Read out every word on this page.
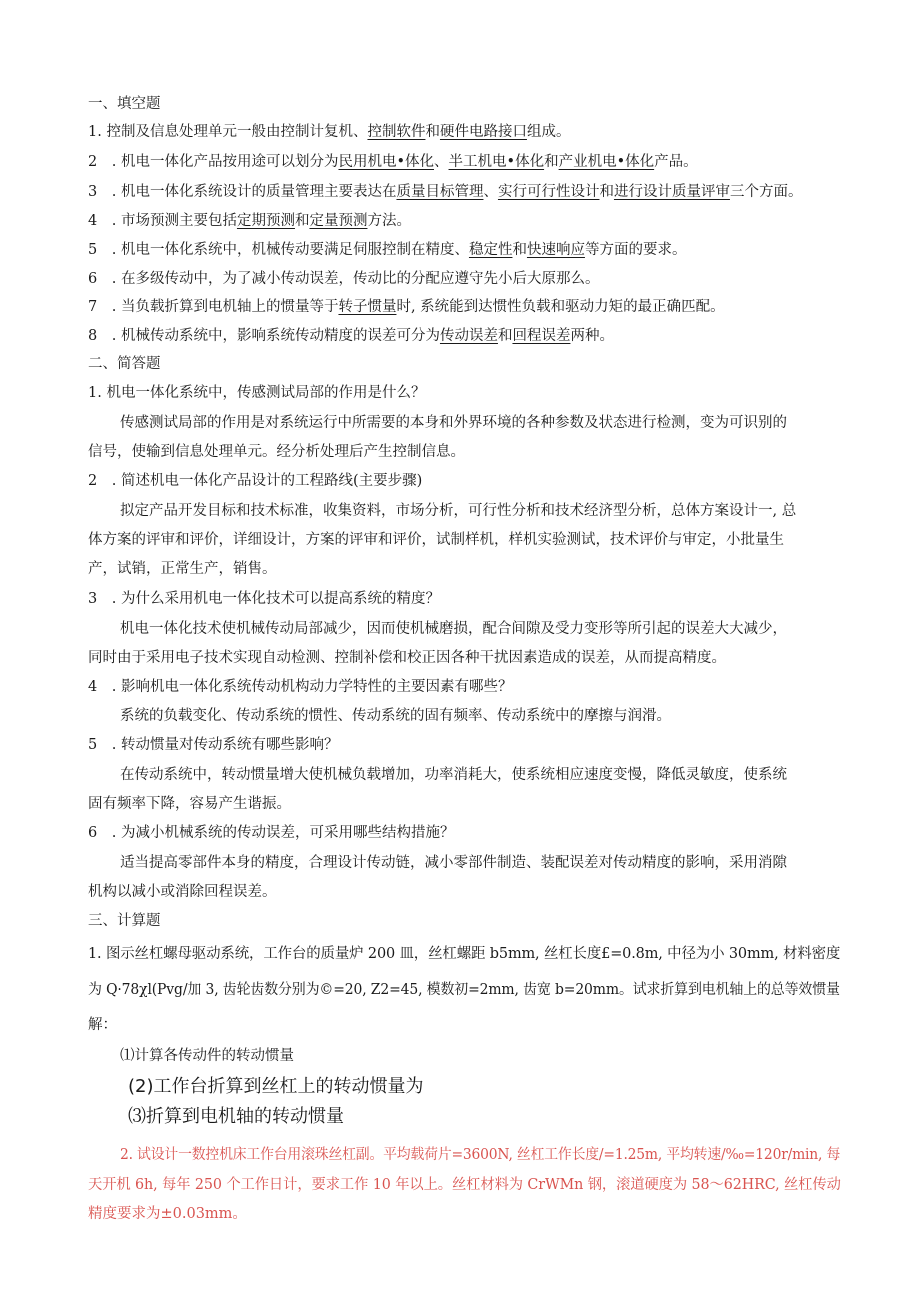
一、填空题
1. 控制及信息处理单元一般由控制计复机、控制软件和硬件电路接口组成。
2　. 机电一体化产品按用途可以划分为民用机电•体化、半工机电•体化和产业机电•体化产品。
3　. 机电一体化系统设计的质量管理主要表达在质量目标管理、实行可行性设计和进行设计质量评审三个方面。
4　. 市场预测主要包括定期预测和定量预测方法。
5　. 机电一体化系统中，机械传动要满足伺服控制在精度、稳定性和快速响应等方面的要求。
6　. 在多级传动中，为了减小传动误差，传动比的分配应遵守先小后大原那么。
7　. 当负载折算到电机轴上的惯量等于转子惯量时, 系统能到达惯性负载和驱动力矩的最正确匹配。
8　. 机械传动系统中，影响系统传动精度的误差可分为传动误差和回程误差两种。
二、简答题
1. 机电一体化系统中，传感测试局部的作用是什么？
传感测试局部的作用是对系统运行中所需要的本身和外界环境的各种参数及状态进行检测，变为可识别的
信号，使输到信息处理单元。经分析处理后产生控制信息。
2　. 简述机电一体化产品设计的工程路线(主要步骤)
拟定产品开发目标和技术标准，收集资料，市场分析，可行性分析和技术经济型分析，总体方案设计一, 总
体方案的评审和评价，详细设计，方案的评审和评价，试制样机，样机实验测试，技术评价与审定，小批量生
产，试销，正常生产，销售。
3　. 为什么采用机电一体化技术可以提高系统的精度？
机电一体化技术使机械传动局部减少，因而使机械磨损，配合间隙及受力变形等所引起的误差大大减少，
同时由于采用电子技术实现自动检测、控制补偿和校正因各种干扰因素造成的误差，从而提高精度。
4　. 影响机电一体化系统传动机构动力学特性的主要因素有哪些？
系统的负载变化、传动系统的惯性、传动系统的固有频率、传动系统中的摩擦与润滑。
5　. 转动惯量对传动系统有哪些影响？
在传动系统中，转动惯量增大使机械负载增加，功率消耗大，使系统相应速度变慢，降低灵敏度，使系统
固有频率下降，容易产生谐振。
6　. 为减小机械系统的传动误差，可采用哪些结构措施？
适当提高零部件本身的精度，合理设计传动链，减小零部件制造、装配误差对传动精度的影响，采用消隙
机构以减小或消除回程误差。
三、计算题
1. 图示丝杠螺母驱动系统，工作台的质量炉 200 皿，丝杠螺距 b5mm, 丝杠长度£=0.8m, 中径为小 30mm, 材料密度
为 Q·78χl(Pvg/加 3, 齿轮齿数分别为©=20, Z2=45, 模数初=2mm, 齿宽 b=20mm。试求折算到电机轴上的总等效惯量
解：
⑴计算各传动件的转动惯量
(2)工作台折算到丝杠上的转动惯量为
⑶折算到电机轴的转动惯量
2. 试设计一数控机床工作台用滚珠丝杠副。平均载荷片=3600N, 丝杠工作长度/=1.25m, 平均转速/‰=120r/min, 每
天开机 6h, 每年 250 个工作日计，要求工作 10 年以上。丝杠材料为 CrWMn 钢，滚道硬度为 58～62HRC, 丝杠传动
精度要求为±0.03mm。
